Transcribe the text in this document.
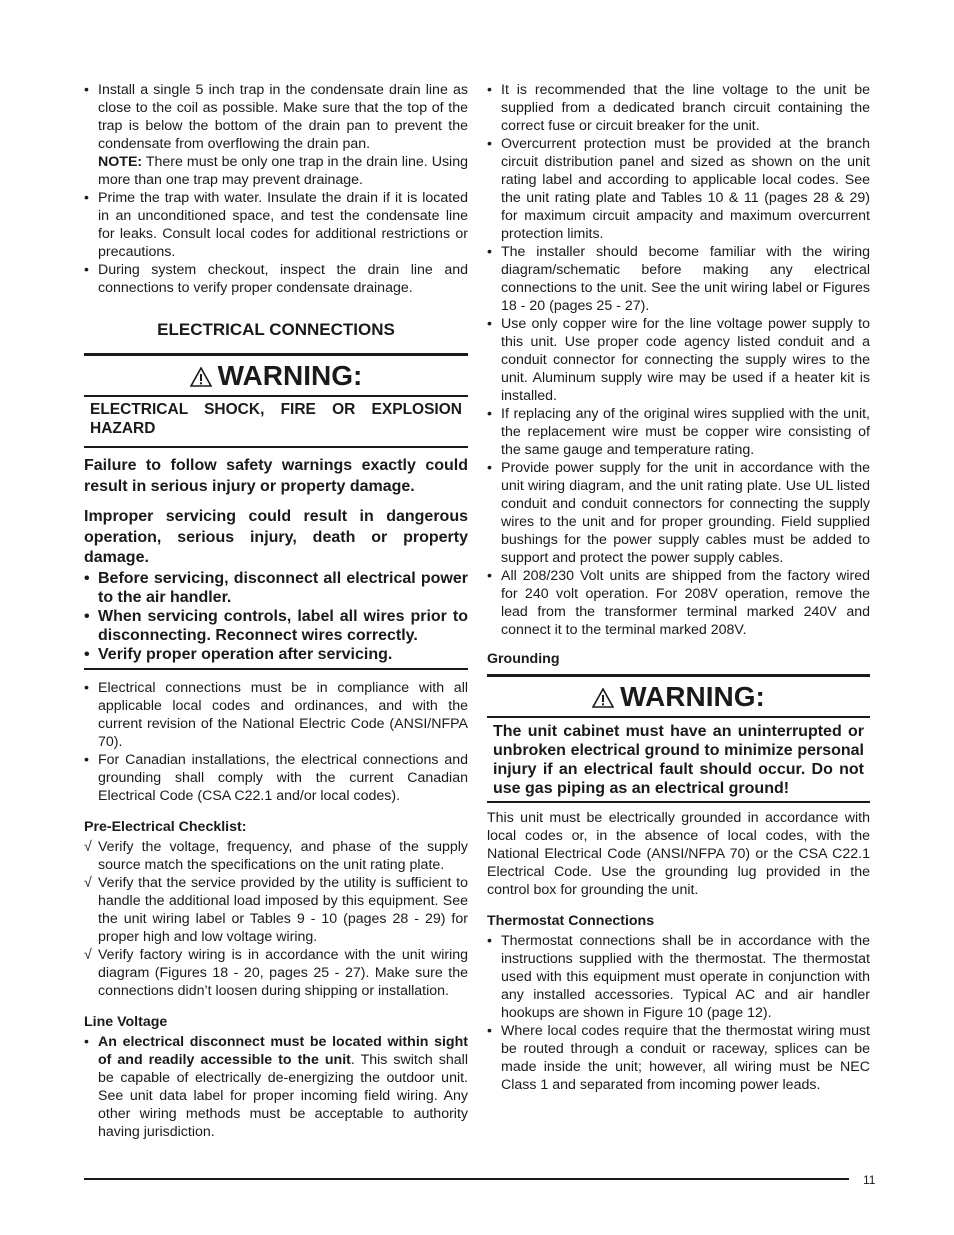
• Install a single 5 inch trap in the condensate drain line as close to the coil as possible. Make sure that the top of the trap is below the bottom of the drain pan to prevent the condensate from overflowing the drain pan.
NOTE: There must be only one trap in the drain line. Using more than one trap may prevent drainage.
• Prime the trap with water. Insulate the drain if it is located in an unconditioned space, and test the condensate line for leaks. Consult local codes for additional restrictions or precautions.
• During system checkout, inspect the drain line and connections to verify proper condensate drainage.
ELECTRICAL CONNECTIONS
WARNING:
ELECTRICAL SHOCK, FIRE OR EXPLOSION HAZARD

Failure to follow safety warnings exactly could result in serious injury or property damage.

Improper servicing could result in dangerous operation, serious injury, death or property damage.

• Before servicing, disconnect all electrical power to the air handler.
• When servicing controls, label all wires prior to disconnecting. Reconnect wires correctly.
• Verify proper operation after servicing.
• Electrical connections must be in compliance with all applicable local codes and ordinances, and with the current revision of the National Electric Code (ANSI/NFPA 70).
• For Canadian installations, the electrical connections and grounding shall comply with the current Canadian Electrical Code (CSA C22.1 and/or local codes).
Pre-Electrical Checklist:
√ Verify the voltage, frequency, and phase of the supply source match the specifications on the unit rating plate.
√ Verify that the service provided by the utility is sufficient to handle the additional load imposed by this equipment. See the unit wiring label or Tables 9 - 10 (pages 28 - 29) for proper high and low voltage wiring.
√ Verify factory wiring is in accordance with the unit wiring diagram (Figures 18 - 20, pages 25 - 27). Make sure the connections didn’t loosen during shipping or installation.
Line Voltage
• An electrical disconnect must be located within sight of and readily accessible to the unit. This switch shall be capable of electrically de-energizing the outdoor unit. See unit data label for proper incoming field wiring. Any other wiring methods must be acceptable to authority having jurisdiction.
• It is recommended that the line voltage to the unit be supplied from a dedicated branch circuit containing the correct fuse or circuit breaker for the unit.
• Overcurrent protection must be provided at the branch circuit distribution panel and sized as shown on the unit rating label and according to applicable local codes. See the unit rating plate and Tables 10 & 11 (pages 28 & 29) for maximum circuit ampacity and maximum overcurrent protection limits.
• The installer should become familiar with the wiring diagram/schematic before making any electrical connections to the unit. See the unit wiring label or Figures 18 - 20 (pages 25 - 27).
• Use only copper wire for the line voltage power supply to this unit. Use proper code agency listed conduit and a conduit connector for connecting the supply wires to the unit. Aluminum supply wire may be used if a heater kit is installed.
• If replacing any of the original wires supplied with the unit, the replacement wire must be copper wire consisting of the same gauge and temperature rating.
• Provide power supply for the unit in accordance with the unit wiring diagram, and the unit rating plate. Use UL listed conduit and conduit connectors for connecting the supply wires to the unit and for proper grounding. Field supplied bushings for the power supply cables must be added to support and protect the power supply cables.
• All 208/230 Volt units are shipped from the factory wired for 240 volt operation. For 208V operation, remove the lead from the transformer terminal marked 240V and connect it to the terminal marked 208V.
Grounding
WARNING:
The unit cabinet must have an uninterrupted or unbroken electrical ground to minimize personal injury if an electrical fault should occur. Do not use gas piping as an electrical ground!

This unit must be electrically grounded in accordance with local codes or, in the absence of local codes, with the National Electrical Code (ANSI/NFPA 70) or the CSA C22.1 Electrical Code. Use the grounding lug provided in the control box for grounding the unit.

Thermostat Connections
• Thermostat connections shall be in accordance with the instructions supplied with the thermostat. The thermostat used with this equipment must operate in conjunction with any installed accessories. Typical AC and air handler hookups are shown in Figure 10 (page 12).
• Where local codes require that the thermostat wiring must be routed through a conduit or raceway, splices can be made inside the unit; however, all wiring must be NEC Class 1 and separated from incoming power leads.
11
